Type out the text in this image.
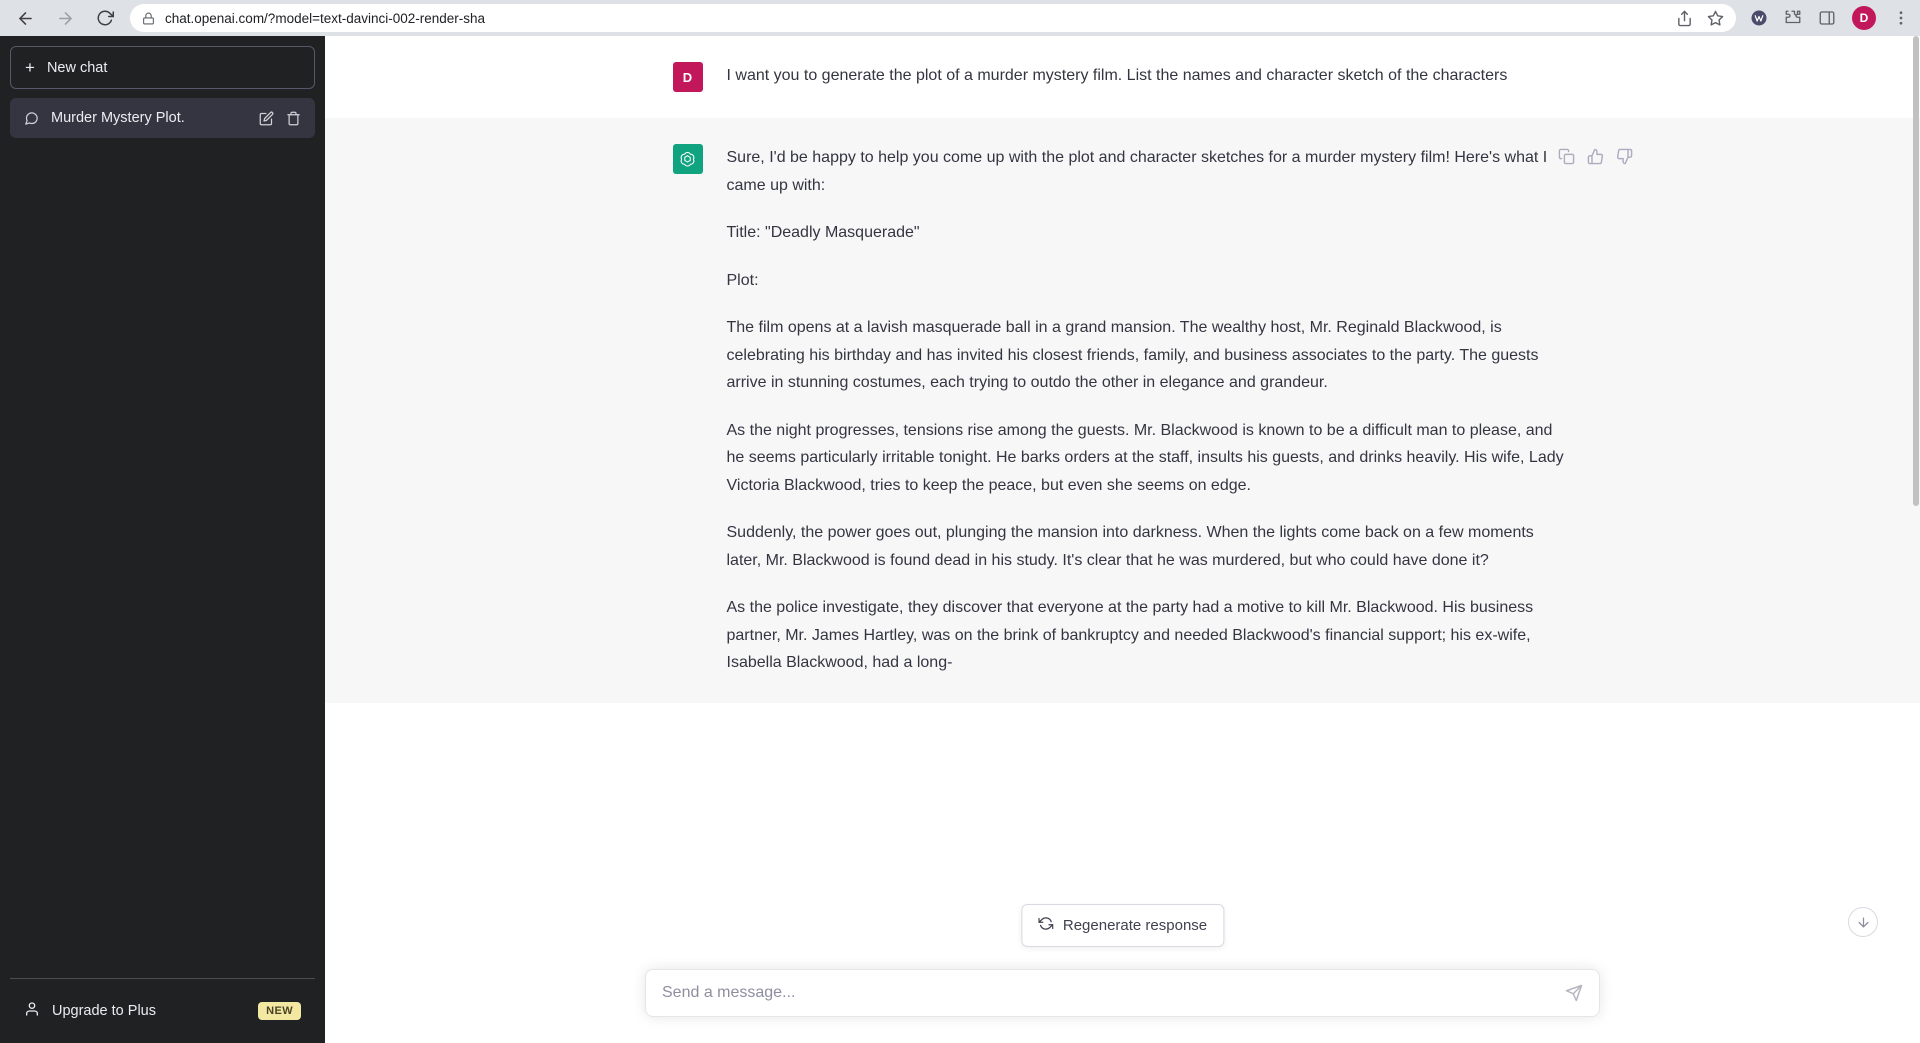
chat.openai.com/?model=text-davinci-002-render-sha	D
+ New chat
Murder Mystery Plot.
Upgrade to Plus	NEW
D	I want you to generate the plot of a murder mystery film. List the names and character sketch of the characters

Sure, I'd be happy to help you come up with the plot and character sketches for a murder mystery film! Here's what I came up with:

Title: "Deadly Masquerade"

Plot:

The film opens at a lavish masquerade ball in a grand mansion. The wealthy host, Mr. Reginald Blackwood, is celebrating his birthday and has invited his closest friends, family, and business associates to the party. The guests arrive in stunning costumes, each trying to outdo the other in elegance and grandeur.

As the night progresses, tensions rise among the guests. Mr. Blackwood is known to be a difficult man to please, and he seems particularly irritable tonight. He barks orders at the staff, insults his guests, and drinks heavily. His wife, Lady Victoria Blackwood, tries to keep the peace, but even she seems on edge.

Suddenly, the power goes out, plunging the mansion into darkness. When the lights come back on a few moments later, Mr. Blackwood is found dead in his study. It's clear that he was murdered, but who could have done it?

As the police investigate, they discover that everyone at the party had a motive to kill Mr. Blackwood. His business partner, Mr. James Hartley, was on the brink of bankruptcy and needed Blackwood's financial support; his ex-wife, Isabella Blackwood, had a long-

Regenerate response
Send a message...
